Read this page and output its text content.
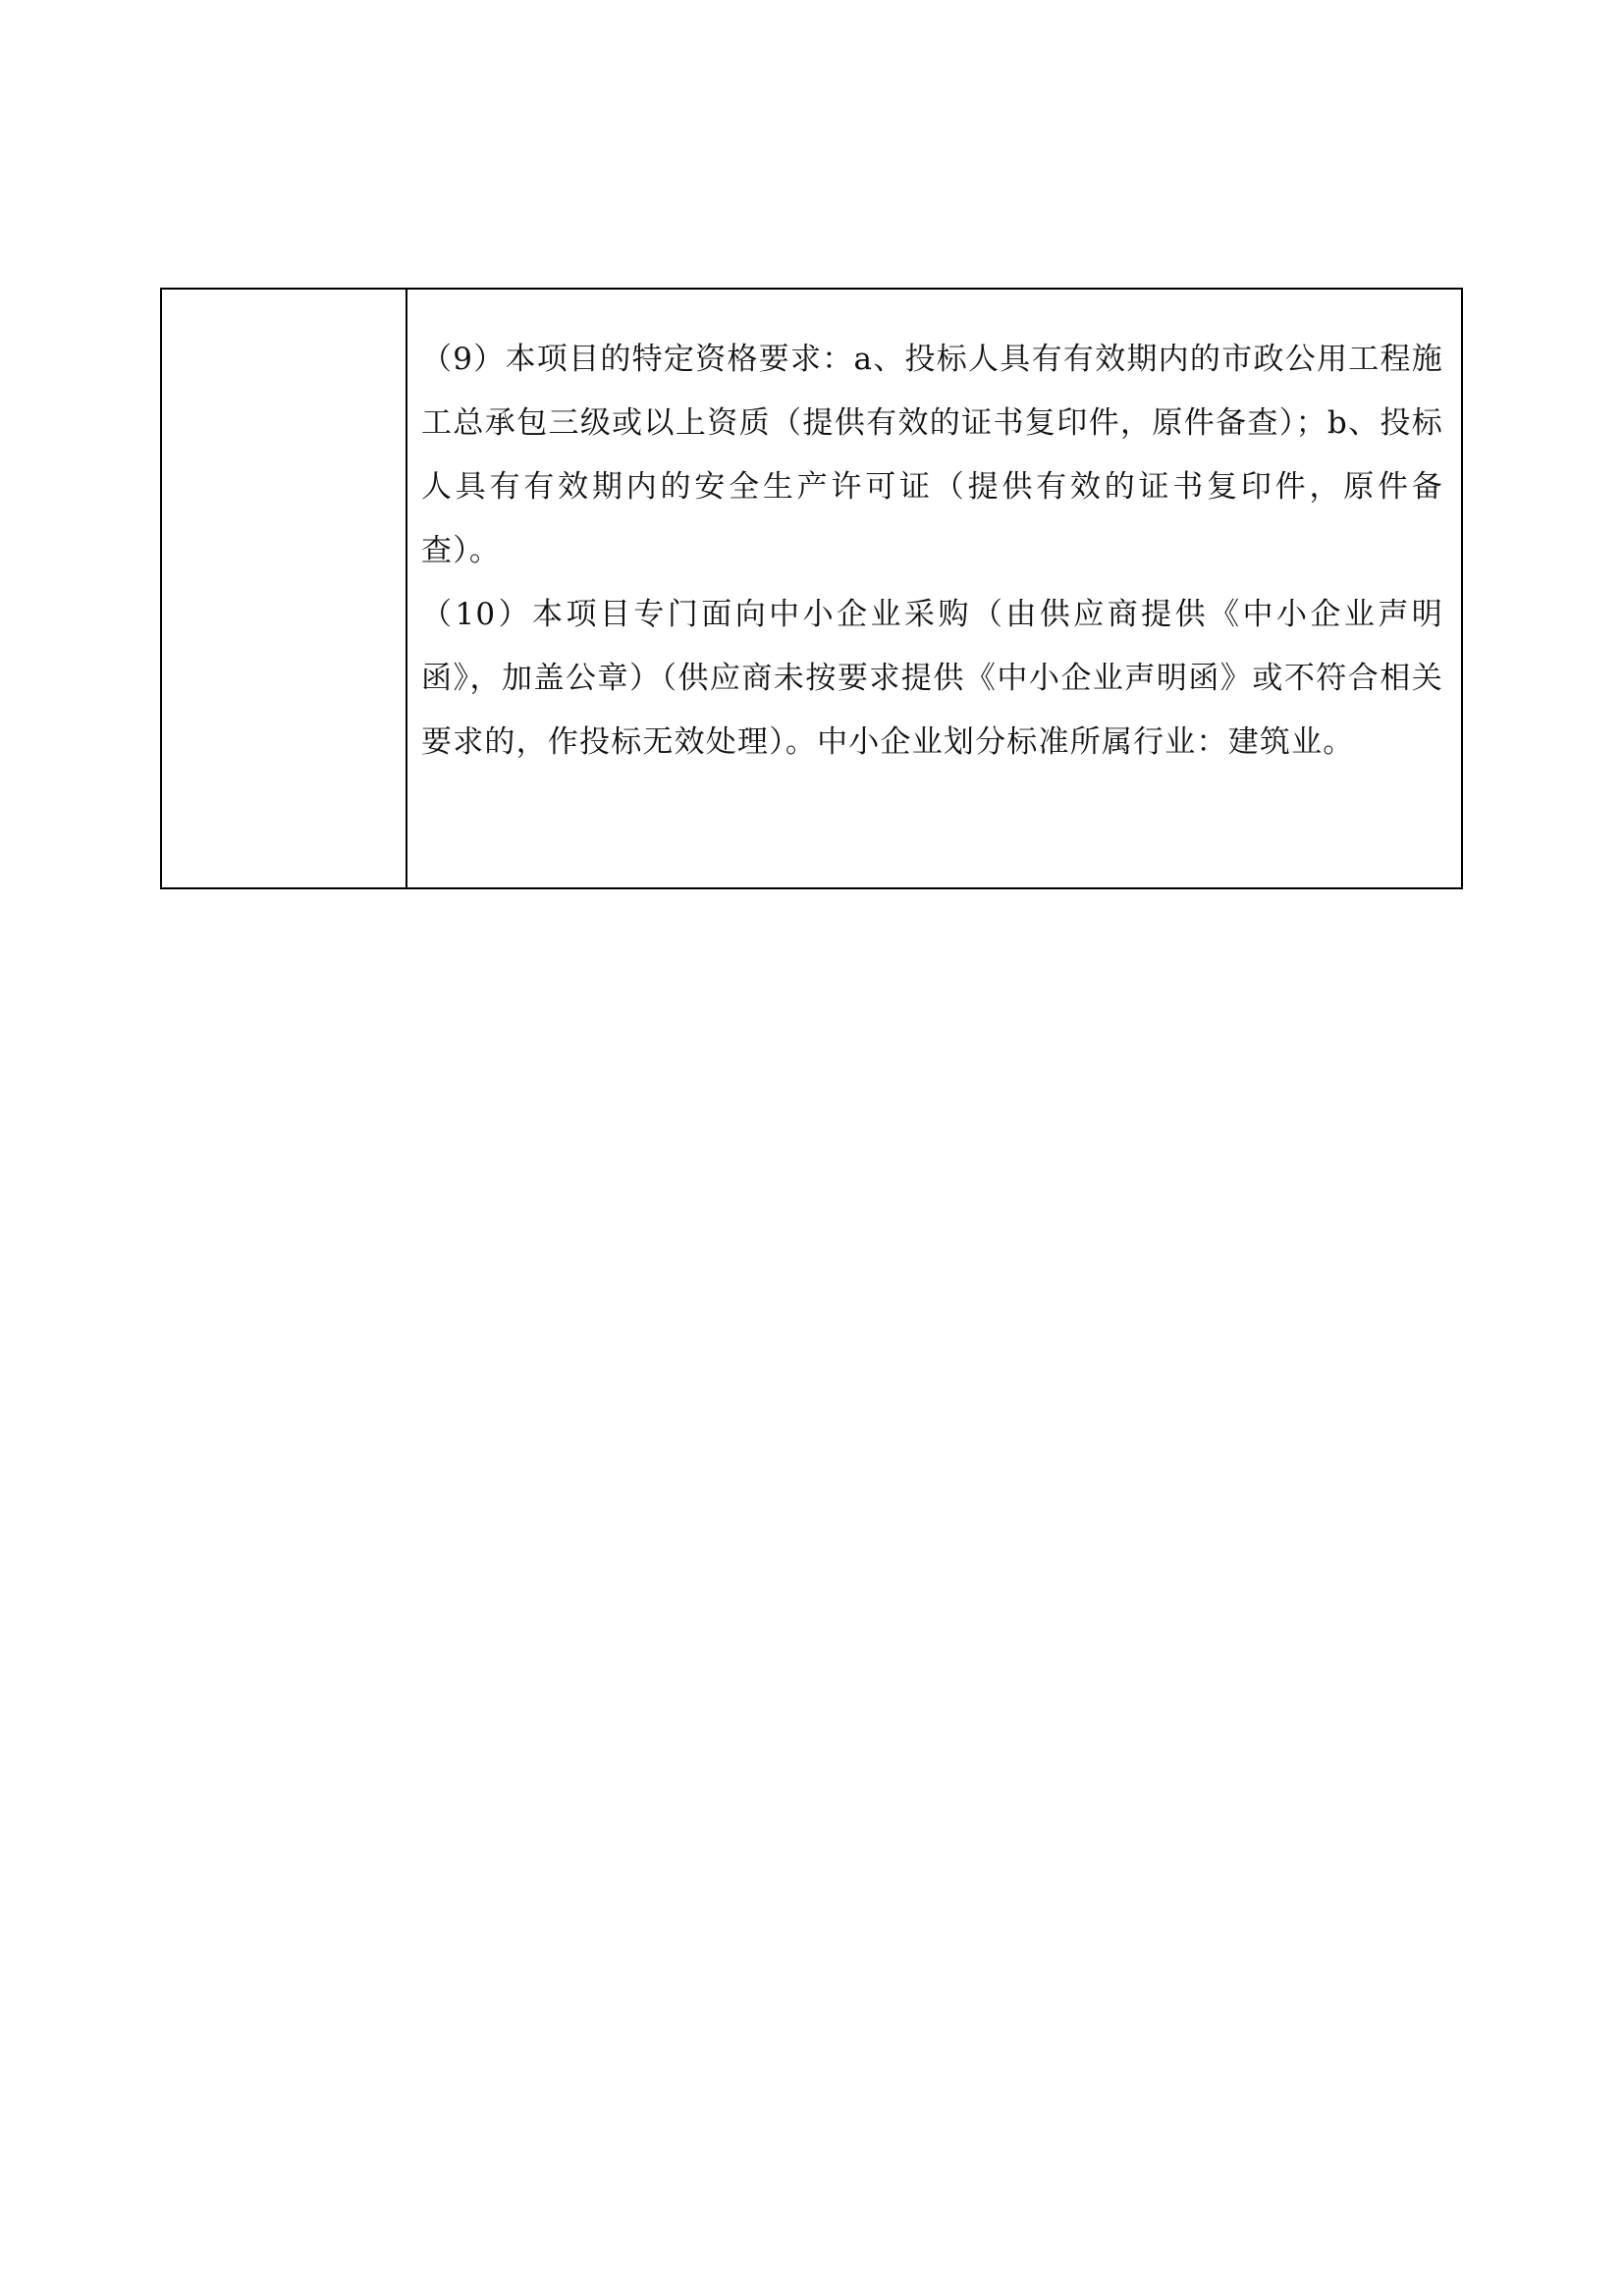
（9）本项目的特定资格要求：a、投标人具有有效期内的市政公用工程施工总承包三级或以上资质（提供有效的证书复印件，原件备查）；b、投标人具有有效期内的安全生产许可证（提供有效的证书复印件，原件备查）。

（10）本项目专门面向中小企业采购（由供应商提供《中小企业声明函》，加盖公章）（供应商未按要求提供《中小企业声明函》或不符合相关要求的，作投标无效处理）。中小企业划分标准所属行业：建筑业。
